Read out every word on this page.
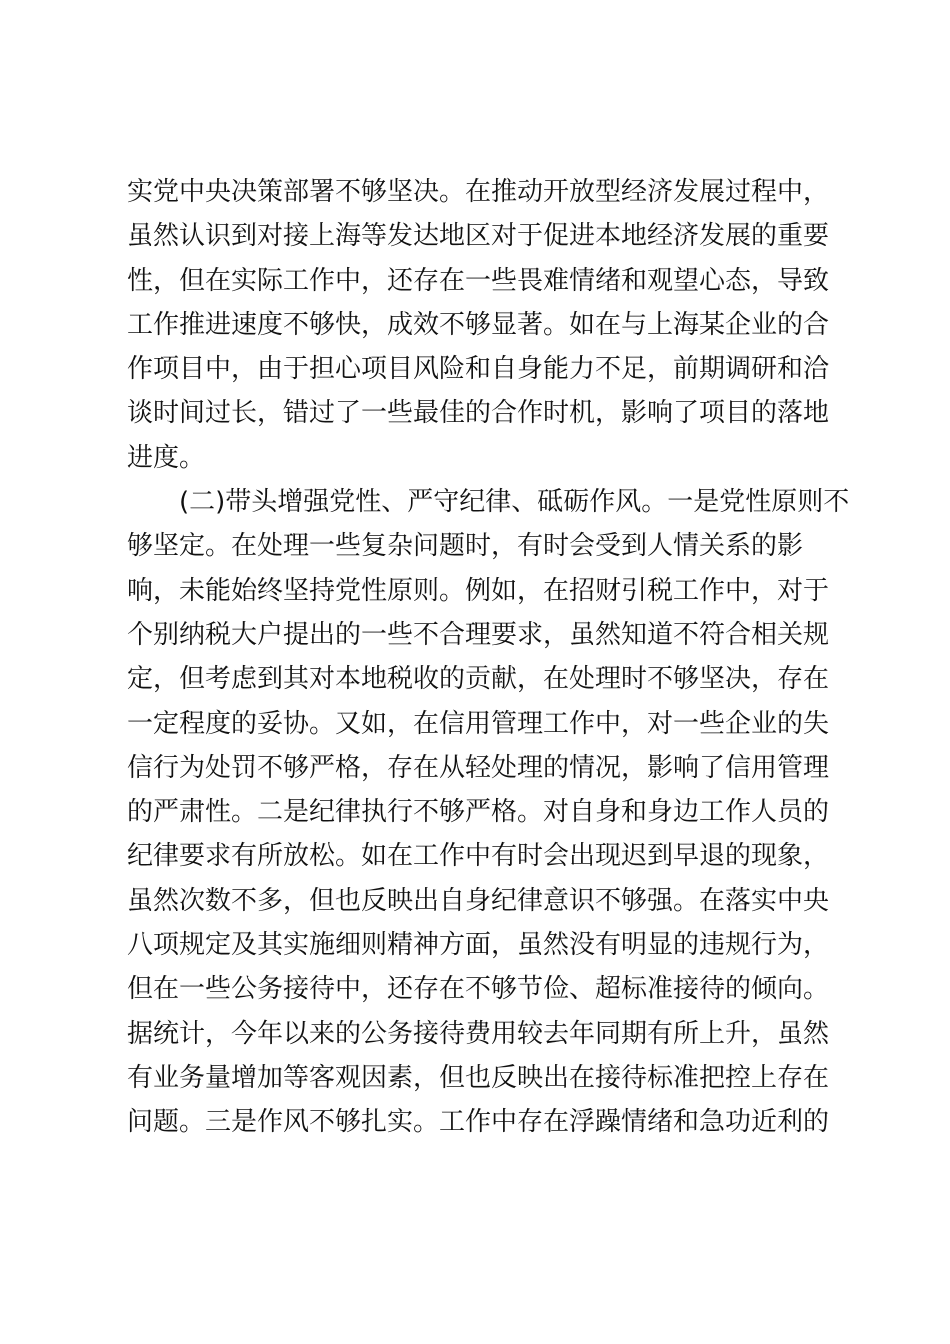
实党中央决策部署不够坚决。在推动开放型经济发展过程中，
虽然认识到对接上海等发达地区对于促进本地经济发展的重要
性，但在实际工作中，还存在一些畏难情绪和观望心态，导致
工作推进速度不够快，成效不够显著。如在与上海某企业的合
作项目中，由于担心项目风险和自身能力不足，前期调研和洽
谈时间过长，错过了一些最佳的合作时机，影响了项目的落地
进度。
(二)带头增强党性、严守纪律、砥砺作风。一是党性原则不
够坚定。在处理一些复杂问题时，有时会受到人情关系的影
响，未能始终坚持党性原则。例如，在招财引税工作中，对于
个别纳税大户提出的一些不合理要求，虽然知道不符合相关规
定，但考虑到其对本地税收的贡献，在处理时不够坚决，存在
一定程度的妥协。又如，在信用管理工作中，对一些企业的失
信行为处罚不够严格，存在从轻处理的情况，影响了信用管理
的严肃性。二是纪律执行不够严格。对自身和身边工作人员的
纪律要求有所放松。如在工作中有时会出现迟到早退的现象，
虽然次数不多，但也反映出自身纪律意识不够强。在落实中央
八项规定及其实施细则精神方面，虽然没有明显的违规行为，
但在一些公务接待中，还存在不够节俭、超标准接待的倾向。
据统计，今年以来的公务接待费用较去年同期有所上升，虽然
有业务量增加等客观因素，但也反映出在接待标准把控上存在
问题。三是作风不够扎实。工作中存在浮躁情绪和急功近利的
